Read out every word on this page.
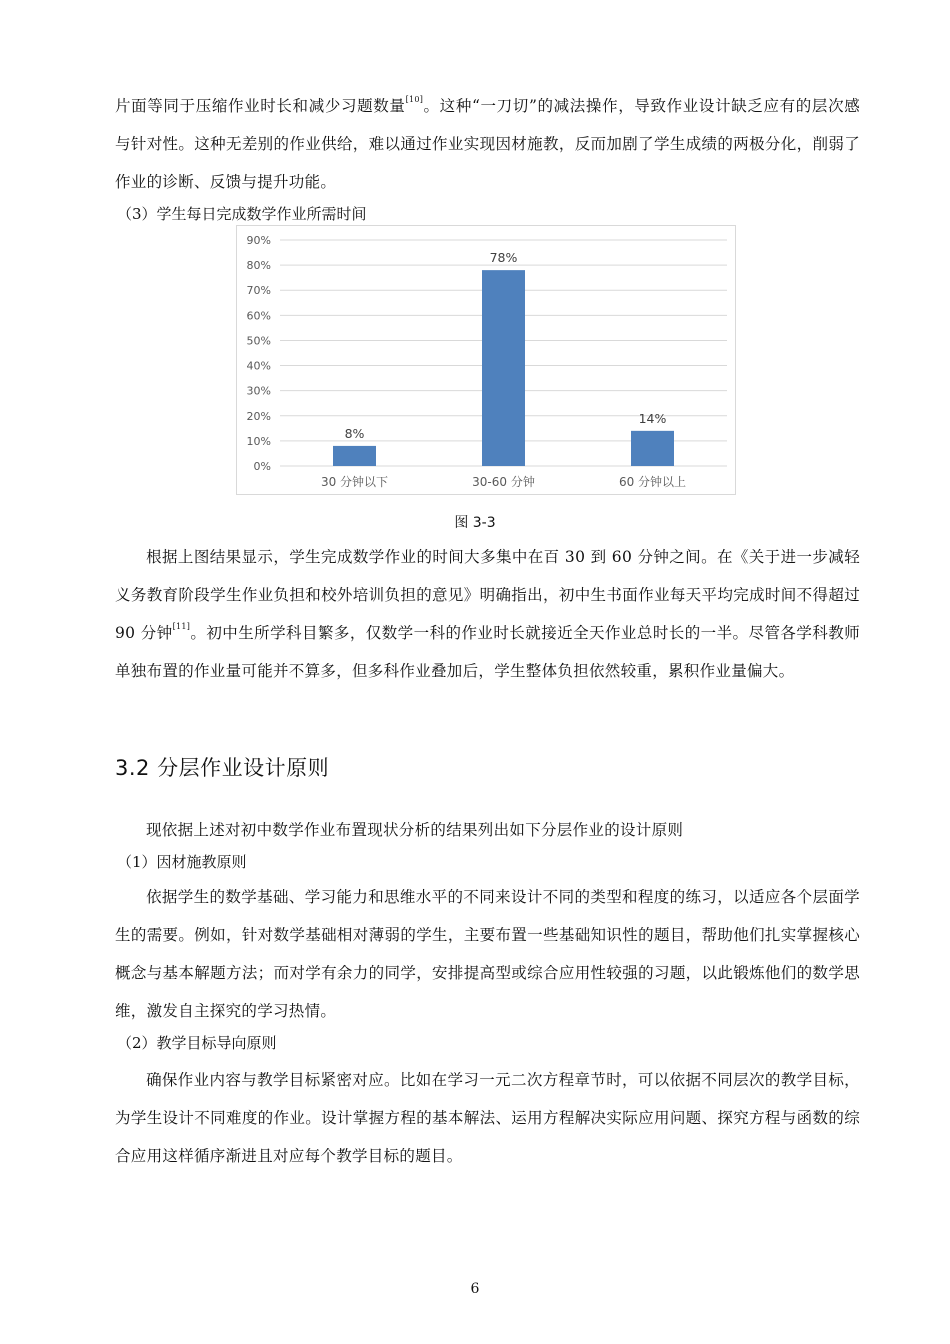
片面等同于压缩作业时长和减少习题数量[10]。这种“一刀切”的减法操作，导致作业设计缺乏应有的层次感与针对性。这种无差别的作业供给，难以通过作业实现因材施教，反而加剧了学生成绩的两极分化，削弱了作业的诊断、反馈与提升功能。

（3）学生每日完成数学作业所需时间

0%
10%
20%
30%
40%
50%
60%
70%
80%
90%
8%
30 分钟以下
78%
30-60 分钟
14%
60 分钟以上

图 3-3

根据上图结果显示，学生完成数学作业的时间大多集中在百 30 到 60 分钟之间。在《关于进一步减轻义务教育阶段学生作业负担和校外培训负担的意见》明确指出，初中生书面作业每天平均完成时间不得超过 90 分钟[11]。初中生所学科目繁多，仅数学一科的作业时长就接近全天作业总时长的一半。尽管各学科教师单独布置的作业量可能并不算多，但多科作业叠加后，学生整体负担依然较重，累积作业量偏大。

3.2 分层作业设计原则

现依据上述对初中数学作业布置现状分析的结果列出如下分层作业的设计原则

（1）因材施教原则

依据学生的数学基础、学习能力和思维水平的不同来设计不同的类型和程度的练习，以适应各个层面学生的需要。例如，针对数学基础相对薄弱的学生，主要布置一些基础知识性的题目，帮助他们扎实掌握核心概念与基本解题方法；而对学有余力的同学，安排提高型或综合应用性较强的习题，以此锻炼他们的数学思维，激发自主探究的学习热情。

（2）教学目标导向原则

确保作业内容与教学目标紧密对应。比如在学习一元二次方程章节时，可以依据不同层次的教学目标，为学生设计不同难度的作业。设计掌握方程的基本解法、运用方程解决实际应用问题、探究方程与函数的综合应用这样循序渐进且对应每个教学目标的题目。

6
